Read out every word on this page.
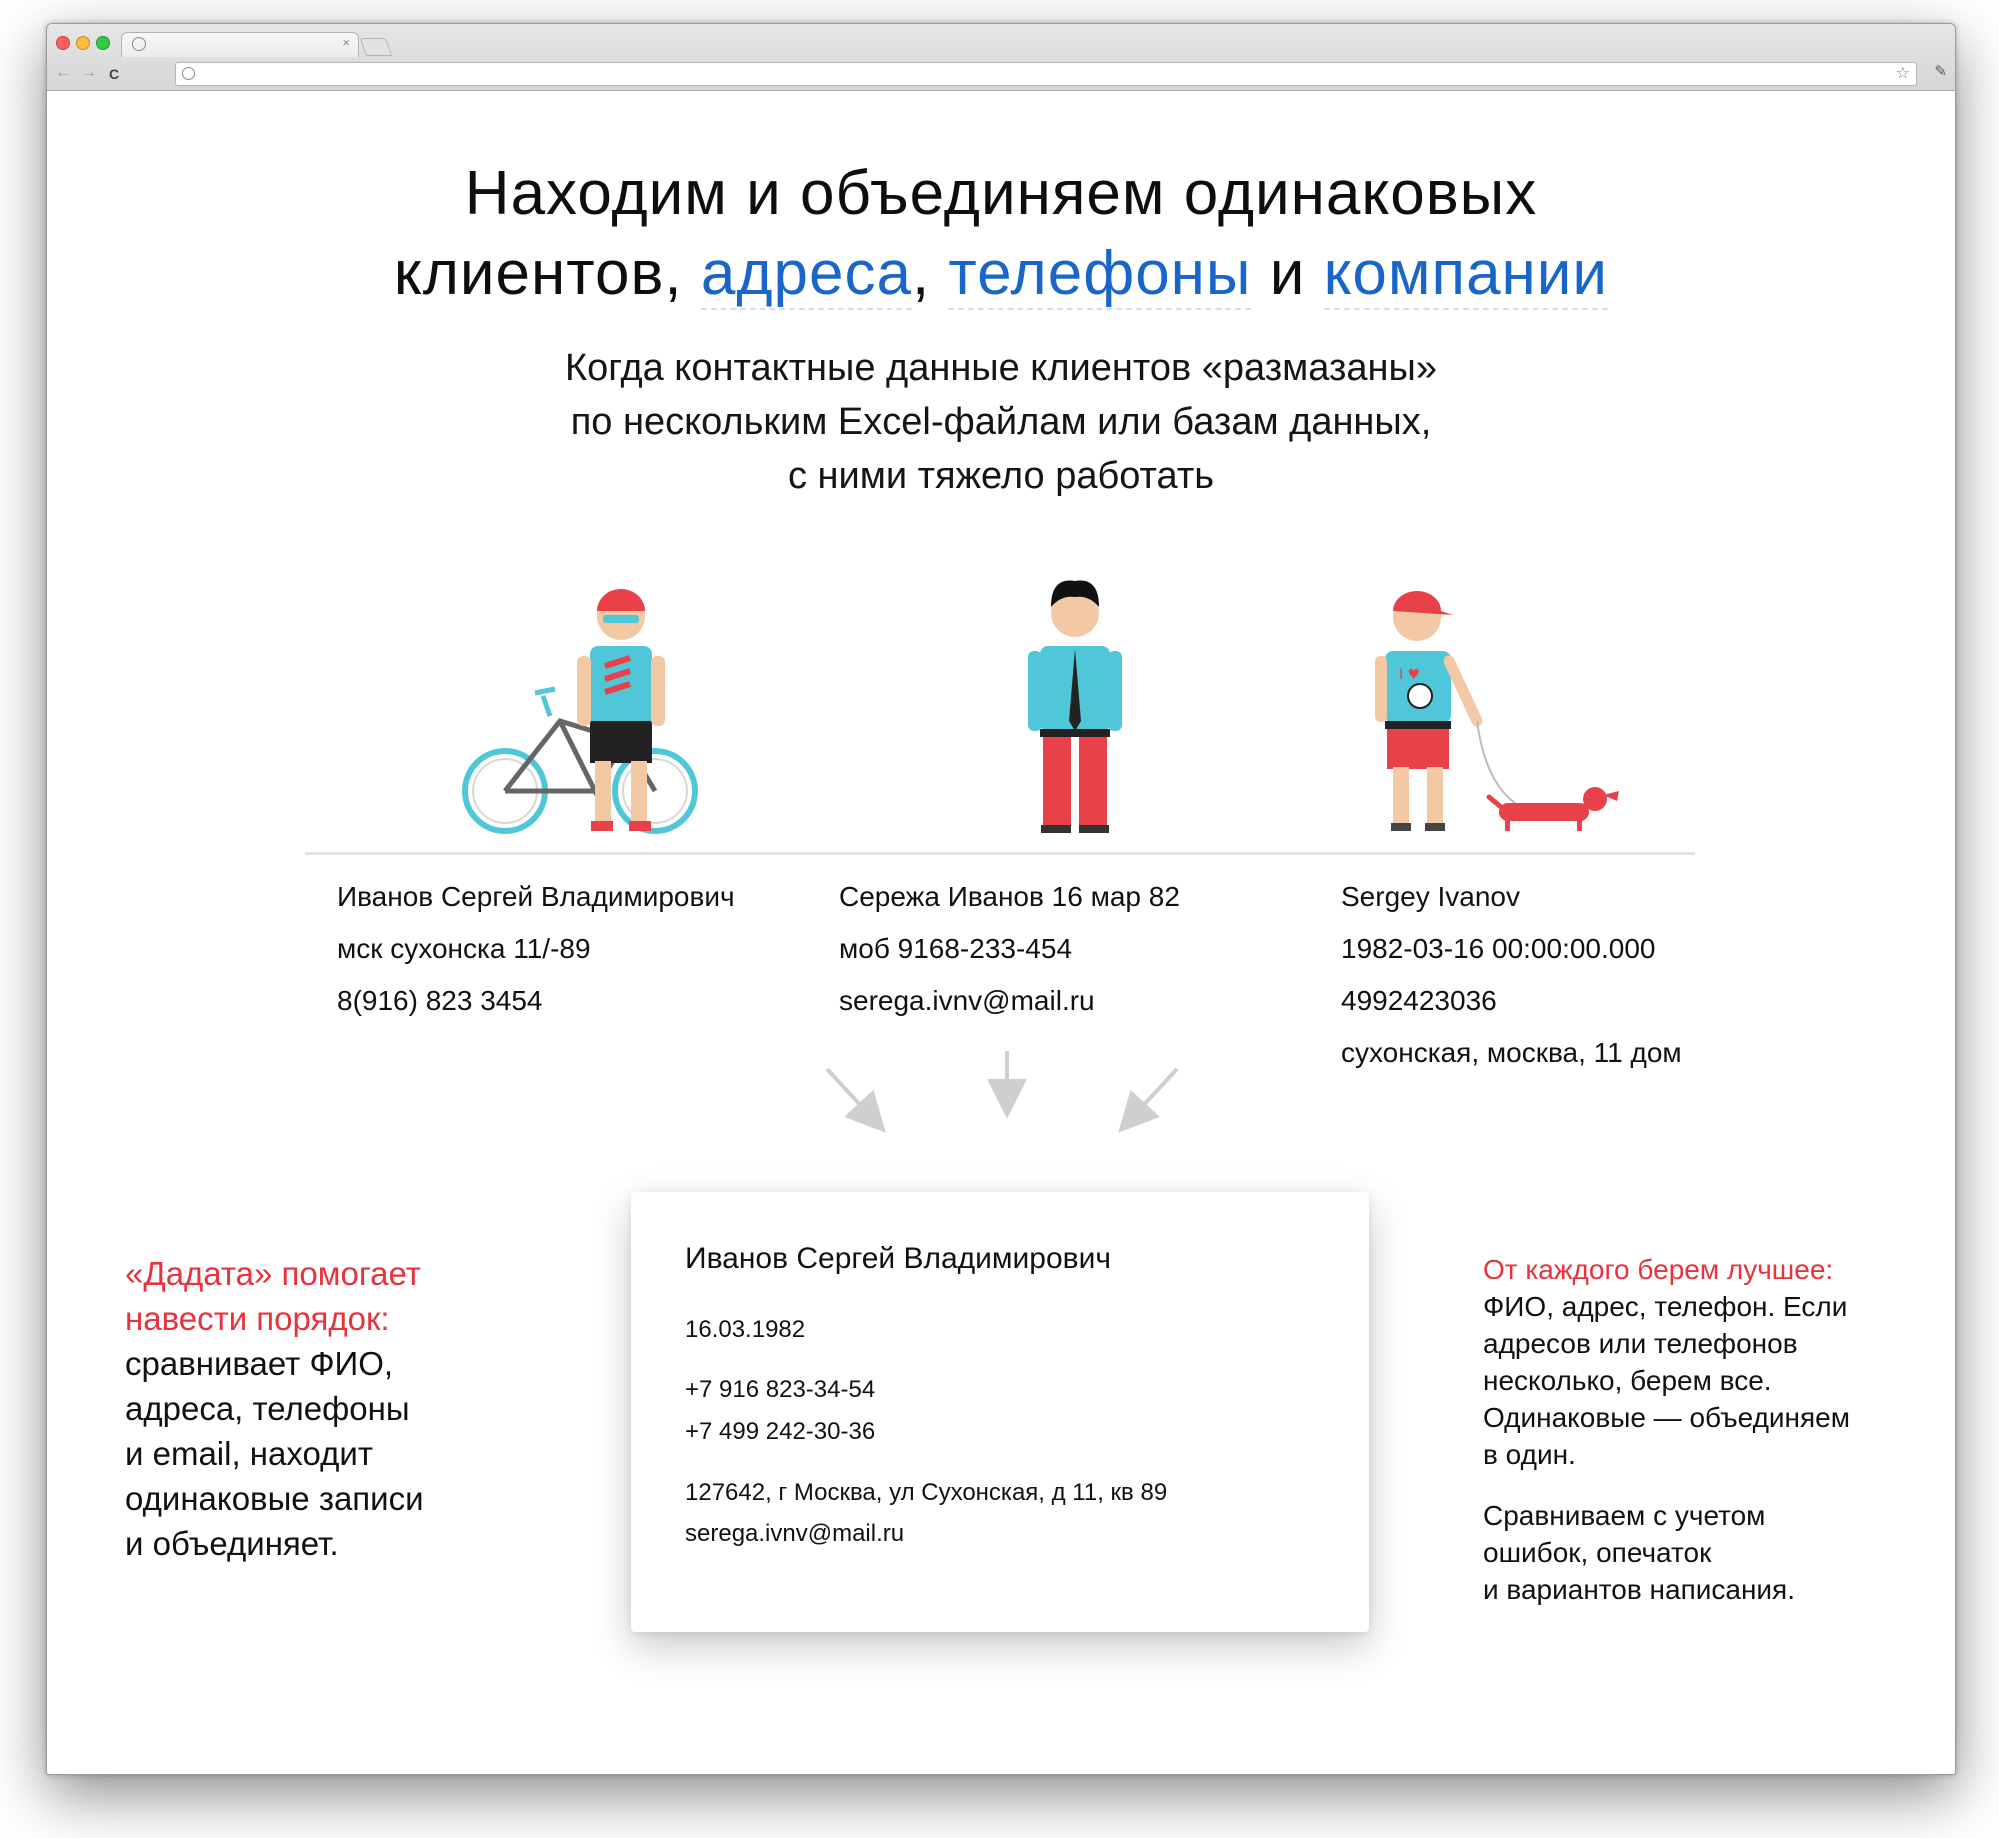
×
← → C	☆ ✎
Находим и объединяем одинаковых
клиентов, адреса, телефоны и компании
Когда контактные данные клиентов «размазаны»
по нескольким Excel-файлам или базам данных,
с ними тяжело работать
I ♥
Иванов Сергей Владимирович
мск сухонска 11/-89
8(916) 823 3454
Сережа Иванов 16 мар 82
моб 9168-233-454
serega.ivnv@mail.ru
Sergey Ivanov
1982-03-16 00:00:00.000
4992423036
сухонская, москва, 11 дом
Иванов Сергей Владимирович
16.03.1982
+7 916 823-34-54
+7 499 242-30-36
127642, г Москва, ул Сухонская, д 11, кв 89
serega.ivnv@mail.ru
«Дадата» помогает
навести порядок:
сравнивает ФИО,
адреса, телефоны
и email, находит
одинаковые записи
и объединяет.

От каждого берем лучшее:
ФИО, адрес, телефон. Если
адресов или телефонов
несколько, берем все.
Одинаковые — объединяем
в один.

Сравниваем с учетом
ошибок, опечаток
и вариантов написания.
